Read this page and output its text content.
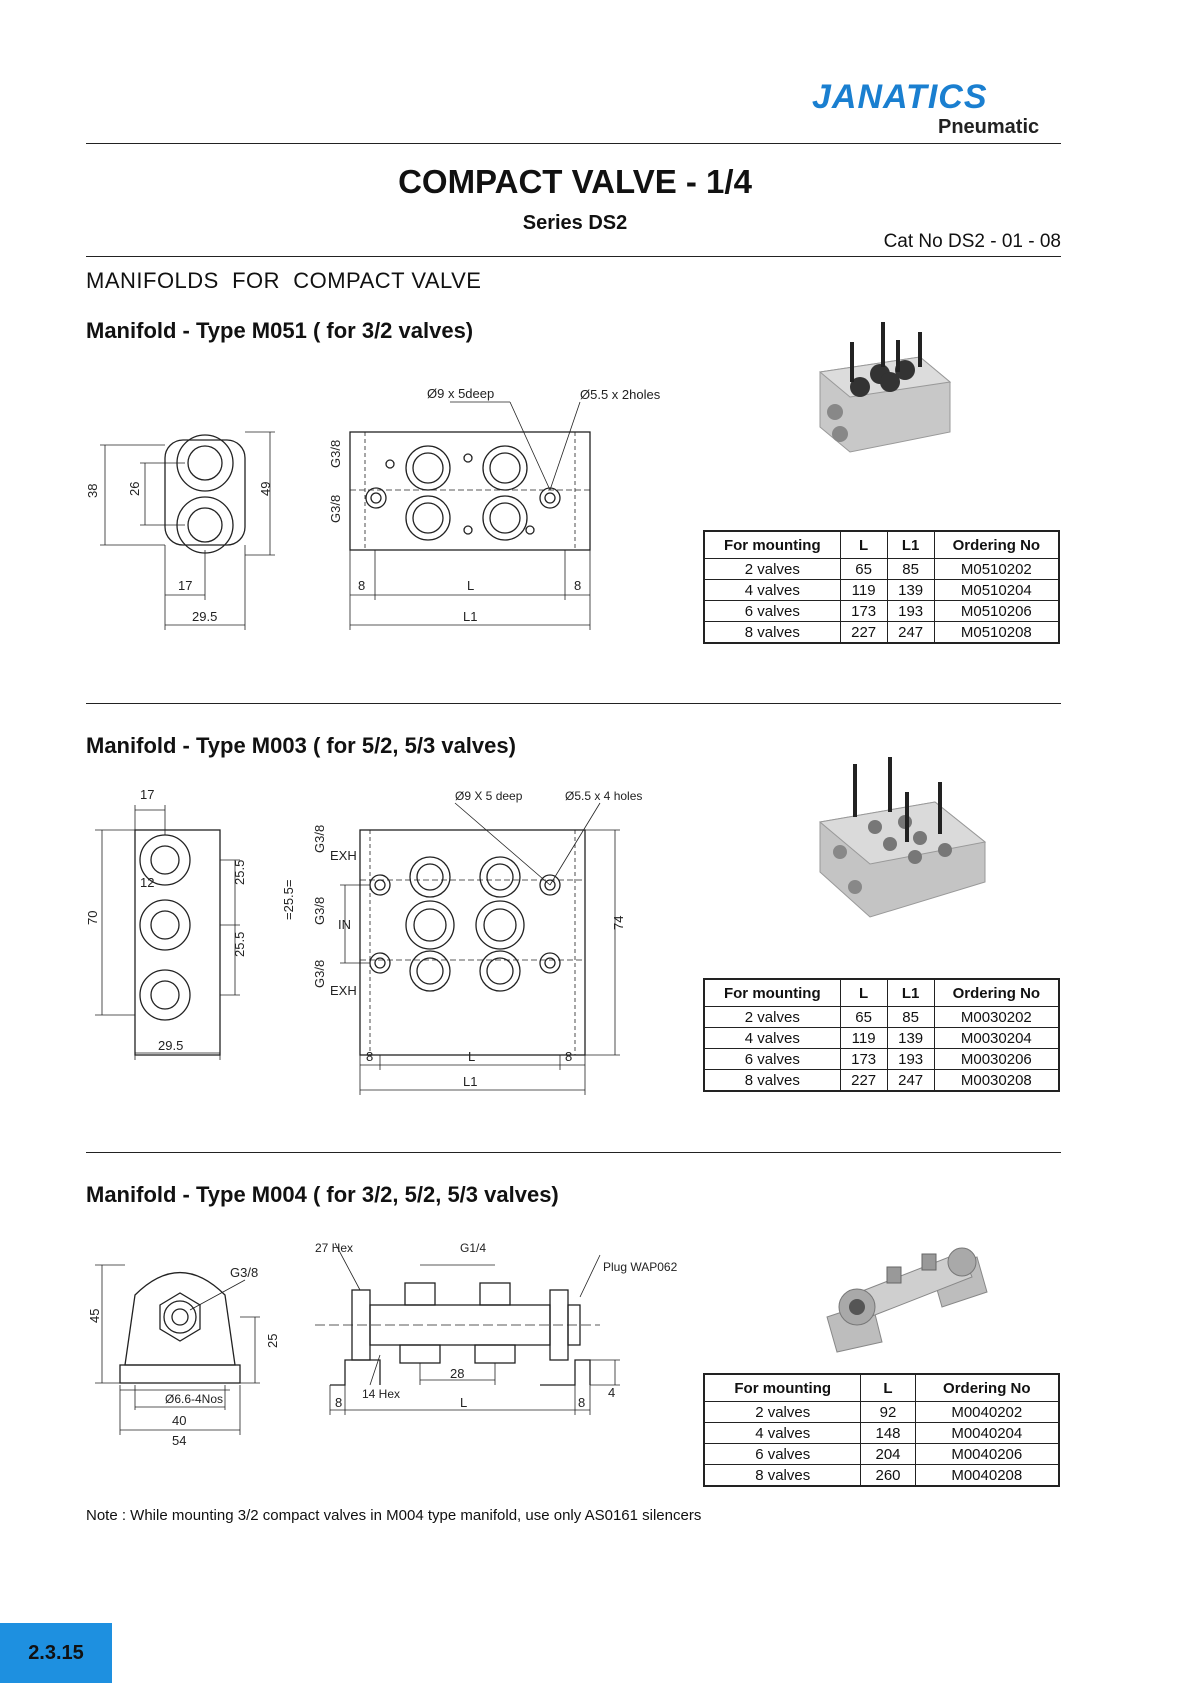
JANATICS
Pneumatic
COMPACT VALVE - 1/4
Series DS2
Cat No DS2 - 01 - 08
MANIFOLDS  FOR  COMPACT VALVE
Manifold - Type M051 ( for 3/2 valves)
38 26	49
17
29.5
G3/8
G3/8
8	L	8
L1
Ø9 x 5deep	Ø5.5 x 2holes
For mounting	L	L1	Ordering No
2 valves	65	85	M0510202
4 valves	119	139	M0510204
6 valves	173	193	M0510206
8 valves	227	247	M0510208
Manifold - Type M003 ( for 5/2, 5/3 valves)
17
12
70
25.5
25.5
=25.5=
29.5
74
G3/8
G3/8
G3/8
EXH
IN
EXH
8	L	8
L1
Ø9 X 5 deep	Ø5.5 x 4 holes
For mounting	L	L1	Ordering No
2 valves	65	85	M0030202
4 valves	119	139	M0030204
6 valves	173	193	M0030206
8 valves	227	247	M0030208
Manifold - Type M004 ( for 3/2, 5/2, 5/3 valves)
G3/8
45
25
Ø6.6-4Nos
40
54
27 Hex	G1/4
Plug WAP062
28
14 Hex	4
8	L	8
For mounting	L	Ordering No
2 valves	92	M0040202
4 valves	148	M0040204
6 valves	204	M0040206
8 valves	260	M0040208
Note : While mounting 3/2 compact valves in M004 type manifold, use only AS0161 silencers
2.3.15
